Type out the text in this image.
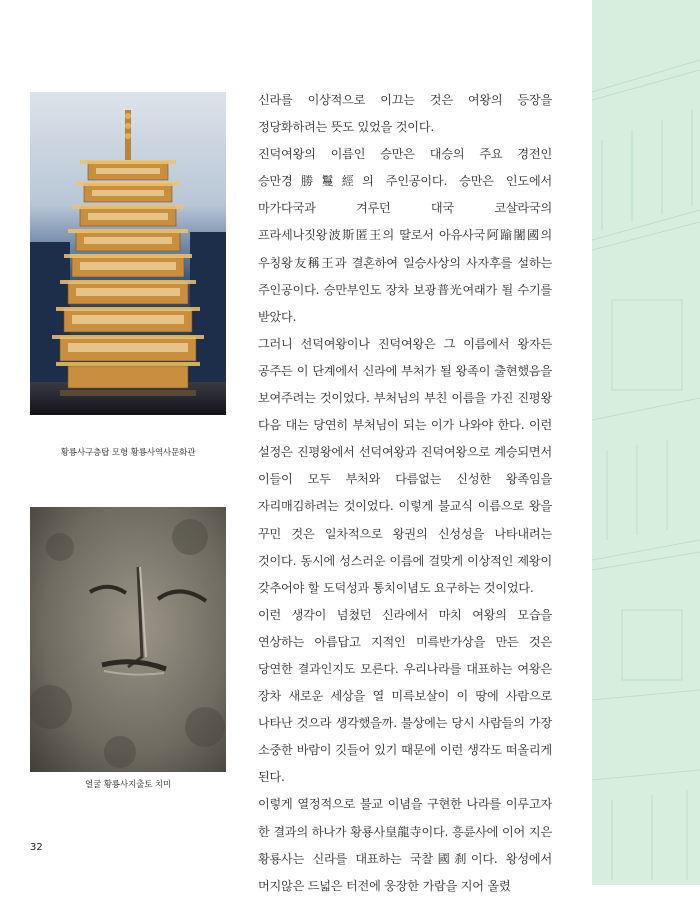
황룡사구층탑 모형 황룡사역사문화관
얼굴 황룡사지출토 치미

신라를 이상적으로 이끄는 것은 여왕의 등장을 정당화하려는 뜻도 있었을 것이다.

진덕여왕의 이름인 승만은 대승의 주요 경전인 승만경勝鬘經의 주인공이다. 승만은 인도에서 마가다국과 겨루던 대국 코살라국의 프라세나짓왕波斯匿王의 딸로서 아유사국阿踰闍國의 우칭왕友稱王과 결혼하여 일승사상의 사자후를 설하는 주인공이다. 승만부인도 장차 보광普光여래가 될 수기를 받았다.

그러니 선덕여왕이나 진덕여왕은 그 이름에서 왕자든 공주든 이 단계에서 신라에 부처가 될 왕족이 출현했음을 보여주려는 것이었다. 부처님의 부친 이름을 가진 진평왕 다음 대는 당연히 부처님이 되는 이가 나와야 한다. 이런 설정은 진평왕에서 선덕여왕과 진덕여왕으로 계승되면서 이들이 모두 부처와 다름없는 신성한 왕족임을 자리매김하려는 것이었다. 이렇게 불교식 이름으로 왕을 꾸민 것은 일차적으로 왕권의 신성성을 나타내려는 것이다. 동시에 성스러운 이름에 걸맞게 이상적인 제왕이 갖추어야 할 도덕성과 통치이념도 요구하는 것이었다.

이런 생각이 넘쳤던 신라에서 마치 여왕의 모습을 연상하는 아름답고 지적인 미륵반가상을 만든 것은 당연한 결과인지도 모른다. 우리나라를 대표하는 여왕은 장차 새로운 세상을 열 미륵보살이 이 땅에 사람으로 나타난 것으라 생각했을까. 불상에는 당시 사람들의 가장 소중한 바람이 깃들어 있기 때문에 이런 생각도 떠올리게 된다.

이렇게 열정적으로 불교 이념을 구현한 나라를 이루고자 한 결과의 하나가 황룡사皇龍寺이다. 흥륜사에 이어 지은 황룡사는 신라를 대표하는 국찰國刹이다. 왕성에서 머지않은 드넓은 터전에 웅장한 가람을 지어 올렸

32
